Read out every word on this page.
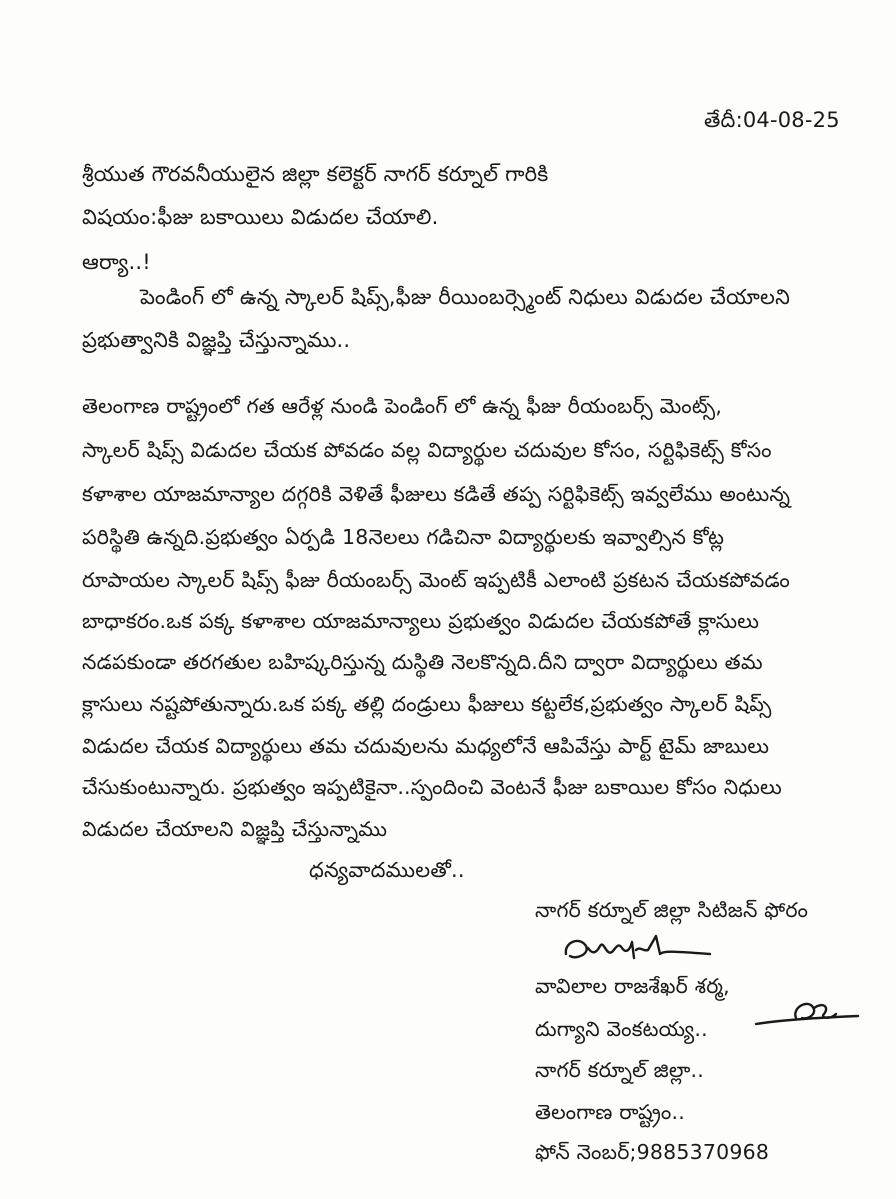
తేదీ:04-08-25
శ్రీయుత గౌరవనీయులైన జిల్లా కలెక్టర్ నాగర్ కర్నూల్ గారికి
విషయం:ఫీజు బకాయిలు విడుదల చేయాలి.
ఆర్యా..!
పెండింగ్ లో ఉన్న స్కాలర్ షిప్స్,ఫీజు రీయింబర్స్మెంట్ నిధులు విడుదల చేయాలని
ప్రభుత్వానికి విజ్ఞప్తి చేస్తున్నాము..
తెలంగాణ రాష్ట్రంలో గత ఆరేళ్ల నుండి పెండింగ్ లో ఉన్న ఫీజు రీయంబర్స్ మెంట్స్,
స్కాలర్ షిప్స్ విడుదల చేయక పోవడం వల్ల విద్యార్థుల చదువుల కోసం, సర్టిఫికెట్స్ కోసం
కళాశాల యాజమాన్యాల దగ్గరికి వెళితే ఫీజులు కడితే తప్ప సర్టిఫికెట్స్ ఇవ్వలేము అంటున్న
పరిస్థితి ఉన్నది.ప్రభుత్వం ఏర్పడి 18నెలలు గడిచినా విద్యార్థులకు ఇవ్వాల్సిన కోట్ల
రూపాయల స్కాలర్ షిప్స్ ఫీజు రీయంబర్స్ మెంట్ ఇప్పటికీ ఎలాంటి ప్రకటన చేయకపోవడం
బాధాకరం.ఒక పక్క కళాశాల యాజమాన్యాలు ప్రభుత్వం విడుదల చేయకపోతే క్లాసులు
నడపకుండా తరగతుల బహిష్కరిస్తున్న దుస్థితి నెలకొన్నది.దీని ద్వారా విద్యార్థులు తమ
క్లాసులు నష్టపోతున్నారు.ఒక పక్క తల్లి దండ్రులు ఫీజులు కట్టలేక,ప్రభుత్వం స్కాలర్ షిప్స్
విడుదల చేయక విద్యార్థులు తమ చదువులను మధ్యలోనే ఆపివేస్తు పార్ట్ టైమ్ జాబులు
చేసుకుంటున్నారు. ప్రభుత్వం ఇప్పటికైనా..స్పందించి వెంటనే ఫీజు బకాయిల కోసం నిధులు
విడుదల చేయాలని విజ్ఞప్తి చేస్తున్నాము
ధన్యవాదములతో..
నాగర్ కర్నూల్ జిల్లా సిటిజన్ ఫోరం
వావిలాల రాజశేఖర్ శర్మ,
దుగ్యాని వెంకటయ్య..
నాగర్ కర్నూల్ జిల్లా..
తెలంగాణ రాష్ట్రం..
ఫోన్ నెంబర్;9885370968
